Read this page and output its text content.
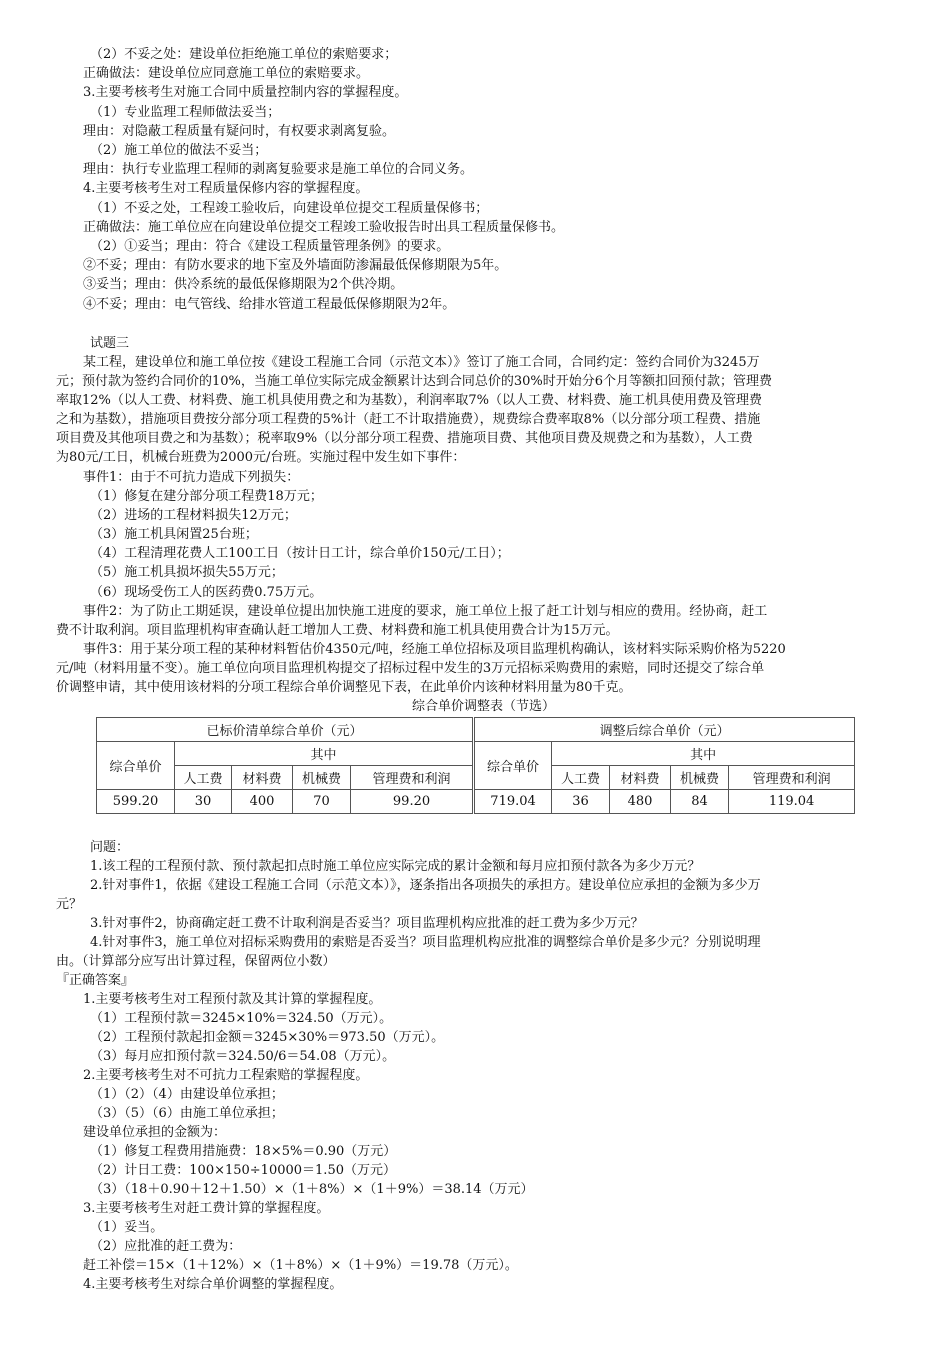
（2）不妥之处：建设单位拒绝施工单位的索赔要求；
正确做法：建设单位应同意施工单位的索赔要求。
3.主要考核考生对施工合同中质量控制内容的掌握程度。
（1）专业监理工程师做法妥当；
理由：对隐蔽工程质量有疑问时，有权要求剥离复验。
（2）施工单位的做法不妥当；
理由：执行专业监理工程师的剥离复验要求是施工单位的合同义务。
4.主要考核考生对工程质量保修内容的掌握程度。
（1）不妥之处，工程竣工验收后，向建设单位提交工程质量保修书；
正确做法：施工单位应在向建设单位提交工程竣工验收报告时出具工程质量保修书。
（2）①妥当；理由：符合《建设工程质量管理条例》的要求。
②不妥；理由：有防水要求的地下室及外墙面防渗漏最低保修期限为5年。
③妥当；理由：供冷系统的最低保修期限为2个供冷期。
④不妥；理由：电气管线、给排水管道工程最低保修期限为2年。
试题三
某工程，建设单位和施工单位按《建设工程施工合同（示范文本）》签订了施工合同，合同约定：签约合同价为3245万
元；预付款为签约合同价的10%，当施工单位实际完成金额累计达到合同总价的30%时开始分6个月等额扣回预付款；管理费
率取12%（以人工费、材料费、施工机具使用费之和为基数），利润率取7%（以人工费、材料费、施工机具使用费及管理费
之和为基数），措施项目费按分部分项工程费的5%计（赶工不计取措施费），规费综合费率取8%（以分部分项工程费、措施
项目费及其他项目费之和为基数）；税率取9%（以分部分项工程费、措施项目费、其他项目费及规费之和为基数），人工费
为80元/工日，机械台班费为2000元/台班。实施过程中发生如下事件：
事件1：由于不可抗力造成下列损失：
（1）修复在建分部分项工程费18万元；
（2）进场的工程材料损失12万元；
（3）施工机具闲置25台班；
（4）工程清理花费人工100工日（按计日工计，综合单价150元/工日）；
（5）施工机具损坏损失55万元；
（6）现场受伤工人的医药费0.75万元。
事件2：为了防止工期延误，建设单位提出加快施工进度的要求，施工单位上报了赶工计划与相应的费用。经协商，赶工
费不计取利润。项目监理机构审查确认赶工增加人工费、材料费和施工机具使用费合计为15万元。
事件3：用于某分项工程的某种材料暂估价4350元/吨，经施工单位招标及项目监理机构确认，该材料实际采购价格为5220
元/吨（材料用量不变）。施工单位向项目监理机构提交了招标过程中发生的3万元招标采购费用的索赔，同时还提交了综合单
价调整申请，其中使用该材料的分项工程综合单价调整见下表，在此单价内该种材料用量为80千克。
综合单价调整表（节选）
已标价清单综合单价（元）					调整后综合单价（元）				
综合单价	其中				综合单价	其中			
	人工费	材料费	机械费	管理费和利润		人工费	材料费	机械费	管理费和利润
599.20	30	400	70	99.20	719.04	36	480	84	119.04
问题：
1.该工程的工程预付款、预付款起扣点时施工单位应实际完成的累计金额和每月应扣预付款各为多少万元？
2.针对事件1，依据《建设工程施工合同（示范文本）》，逐条指出各项损失的承担方。建设单位应承担的金额为多少万
元？
3.针对事件2，协商确定赶工费不计取利润是否妥当？项目监理机构应批准的赶工费为多少万元？
4.针对事件3，施工单位对招标采购费用的索赔是否妥当？项目监理机构应批准的调整综合单价是多少元？分别说明理
由。（计算部分应写出计算过程，保留两位小数）
『正确答案』
1.主要考核考生对工程预付款及其计算的掌握程度。
（1）工程预付款＝3245×10%＝324.50（万元）。
（2）工程预付款起扣金额＝3245×30%＝973.50（万元）。
（3）每月应扣预付款＝324.50/6＝54.08（万元）。
2.主要考核考生对不可抗力工程索赔的掌握程度。
（1）（2）（4）由建设单位承担；
（3）（5）（6）由施工单位承担；
建设单位承担的金额为：
（1）修复工程费用措施费：18×5%＝0.90（万元）
（2）计日工费：100×150÷10000＝1.50（万元）
（3）（18＋0.90＋12＋1.50）×（1＋8%）×（1＋9%）＝38.14（万元）
3.主要考核考生对赶工费计算的掌握程度。
（1）妥当。
（2）应批准的赶工费为：
赶工补偿＝15×（1＋12%）×（1＋8%）×（1＋9%）＝19.78（万元）。
4.主要考核考生对综合单价调整的掌握程度。
